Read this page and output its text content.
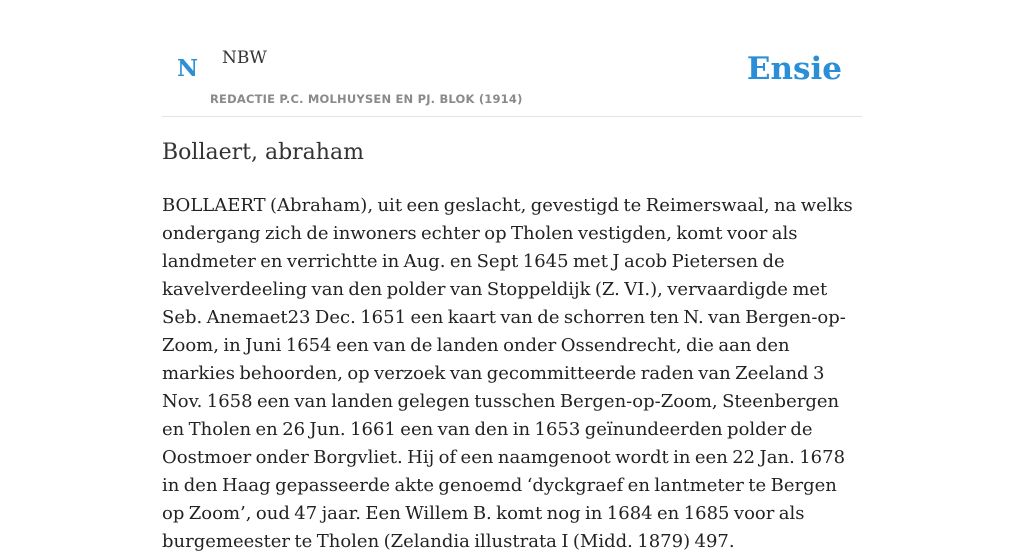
N NBW
REDACTIE P.C. MOLHUYSEN EN PJ. BLOK (1914)
Ensie
Bollaert, abraham

BOLLAERT (Abraham), uit een geslacht, gevestigd te Reimerswaal, na welks ondergang zich de inwoners echter op Tholen vestigden, komt voor als landmeter en verrichtte in Aug. en Sept 1645 met J acob Pietersen de kavelverdeeling van den polder van Stoppeldijk (Z. VI.), vervaardigde met Seb. Anemaet23 Dec. 1651 een kaart van de schorren ten N. van Bergen-op-Zoom, in Juni 1654 een van de landen onder Ossendrecht, die aan den markies behoorden, op verzoek van gecommitteerde raden van Zeeland 3 Nov. 1658 een van landen gelegen tusschen Bergen-op-Zoom, Steenbergen en Tholen en 26 Jun. 1661 een van den in 1653 geïnundeerden polder de Oostmoer onder Borgvliet. Hij of een naamgenoot wordt in een 22 Jan. 1678 in den Haag gepasseerde akte genoemd ‘dyckgraef en lantmeter te Bergen op Zoom’, oud 47 jaar. Een Willem B. komt nog in 1684 en 1685 voor als burgemeester te Tholen (Zelandia illustrata I (Midd. 1879) 497.
